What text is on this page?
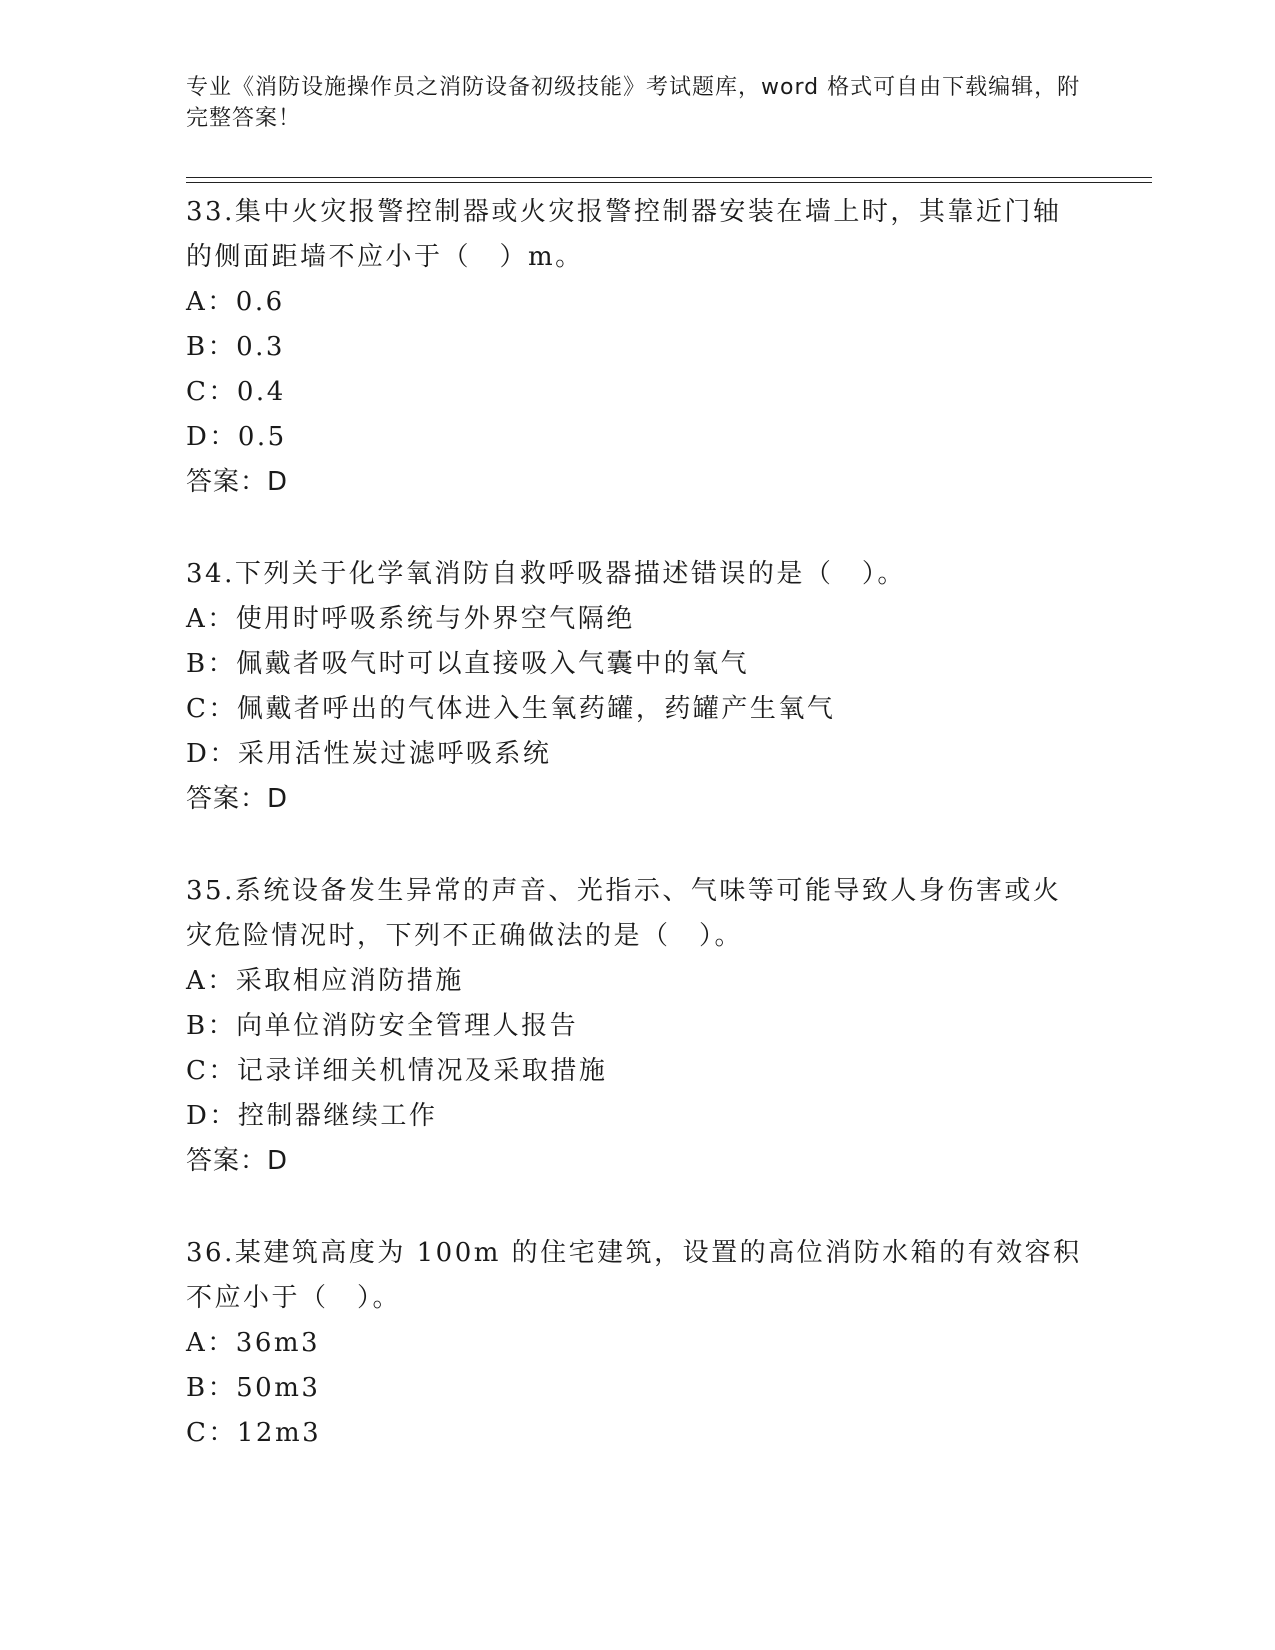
专业《消防设施操作员之消防设备初级技能》考试题库，word 格式可自由下载编辑，附完整答案！

33.集中火灾报警控制器或火灾报警控制器安装在墙上时，其靠近门轴的侧面距墙不应小于（　）m。

A：0.6

B：0.3

C：0.4

D：0.5

答案：D

34.下列关于化学氧消防自救呼吸器描述错误的是（　）。

A：使用时呼吸系统与外界空气隔绝

B：佩戴者吸气时可以直接吸入气囊中的氧气

C：佩戴者呼出的气体进入生氧药罐，药罐产生氧气

D：采用活性炭过滤呼吸系统

答案：D

35.系统设备发生异常的声音、光指示、气味等可能导致人身伤害或火灾危险情况时，下列不正确做法的是（　）。

A：采取相应消防措施

B：向单位消防安全管理人报告

C：记录详细关机情况及采取措施

D：控制器继续工作

答案：D

36.某建筑高度为 100m 的住宅建筑，设置的高位消防水箱的有效容积不应小于（　）。

A：36m3

B：50m3

C：12m3
